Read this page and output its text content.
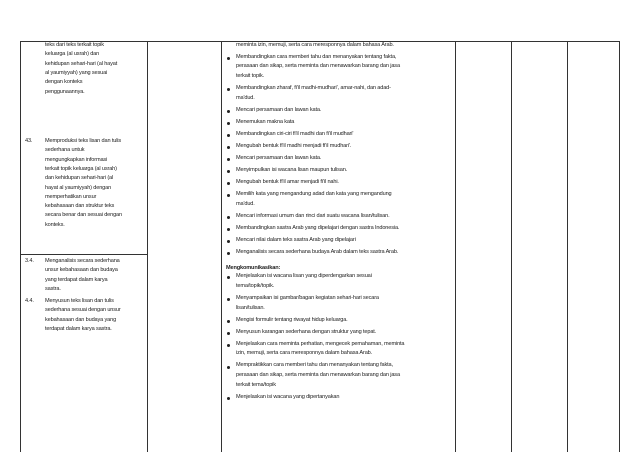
teks dari teks terkait topik
keluarga (al usrah) dan
kehidupan sehari-hari (al hayat
al yaumiyyah) yang sesuai
dengan konteks
penggunaannya.
43. Memproduksi teks lisan dan tulis
sederhana untuk
mengungkapkan informasi
terkait topik keluarga (al usrah)
dan kehidupan sehari-hari (al
hayat al yaumiyyah) dengan
memperhatikan unsur
kebahasaan dan struktur teks
secara benar dan sesuai dengan
konteks.
3.4. Menganalisis secara sederhana
unsur kebahasaan dan budaya
yang terdapat dalam karya
sastra.
4.4. Menyusun teks lisan dan tulis
sederhana sesuai dengan unsur
kebahasaan dan budaya yang
terdapat dalam karya sastra.
meminta izin, memuji, serta cara meresponnya dalam bahasa Arab.
Membandingkan cara memberi tahu dan menanyakan tentang fakta,
perasaan dan sikap, serta meminta dan menawarkan barang dan jasa
terkait topik.
Membandingkan zharaf, fi'il madhi-mudhari', amar-nahi, dan adad-
ma'dud.
Mencari persamaan dan lawan kata.
Menemukan makna kata
Membandingkan ciri-ciri fi'il madhi dan fi'il mudhari'
Mengubah bentuk fi'il madhi menjadi fi'il mudhari'.
Mencari persamaan dan lawan kata.
Menyimpulkan isi wacana lisan maupun tulisan.
Mengubah bentuk fi'il amar menjadi fi'il nahi.
Memilih kata yang mengandung adad dan kata yang mengandung
ma'dud.
Mencari informasi umum dan rinci dari suatu wacana lisan/tulisan.
Membandingkan sastra Arab yang dipelajari dengan sastra Indonesia.
Mencari nilai dalam teks sastra Arab yang dipelajari
Menganalisis secara sederhana budaya Arab dalam teks sastra Arab.
Mengkomunikasikan:
Menjelaskan isi wacana lisan yang diperdengarkan sesuai
tema/topik/topik.
Menyampaikan isi gambar/bagan kegiatan sehari-hari secara
lisan/tulisan.
Mengisi formulir tentang riwayat hidup keluarga.
Menyusun karangan sederhana dengan struktur yang tepat.
Menjelaskan cara meminta perhatian, mengecek pemahaman, meminta
izin, memuji, serta cara meresponnya dalam bahasa Arab.
Mempraktikkan cara memberi tahu dan menanyakan tentang fakta,
perasaan dan sikap, serta meminta dan menawarkan barang dan jasa
terkait tema/topik
Menjelaskan isi wacana yang dipertanyakan
